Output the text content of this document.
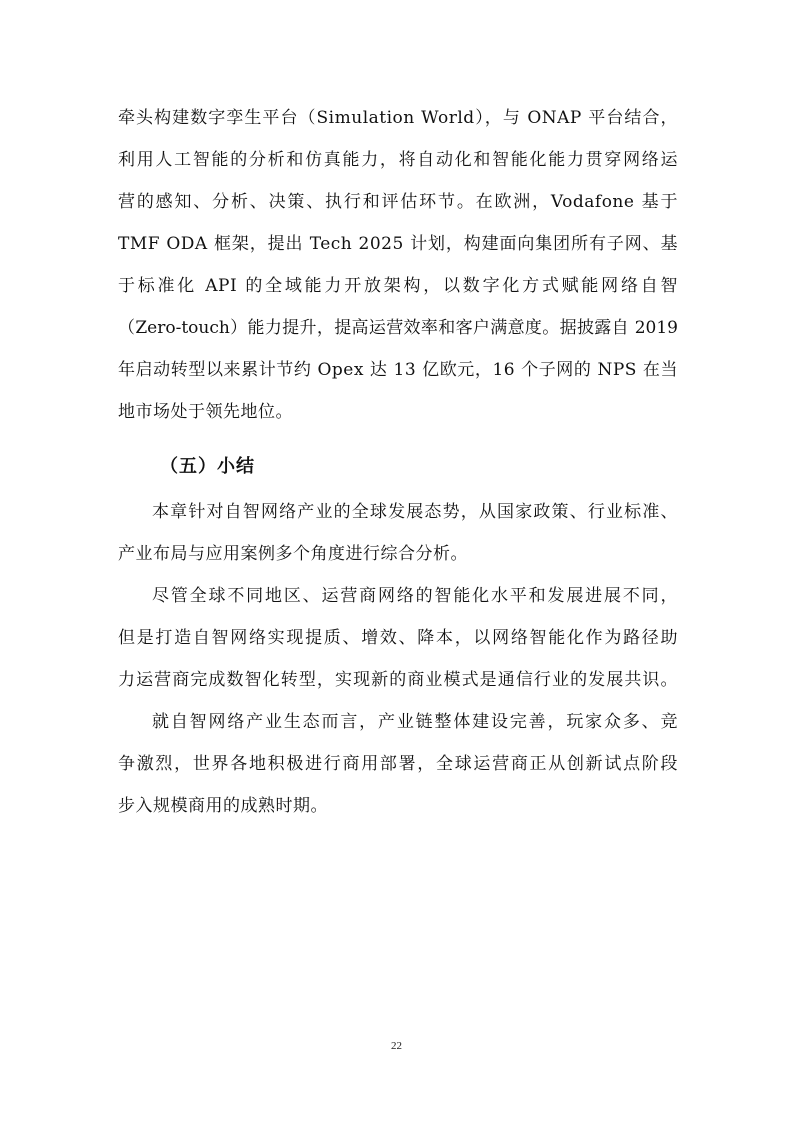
牵头构建数字孪生平台（Simulation World），与 ONAP 平台结合，
利用人工智能的分析和仿真能力，将自动化和智能化能力贯穿网络运
营的感知、分析、决策、执行和评估环节。在欧洲，Vodafone 基于
TMF ODA 框架，提出 Tech 2025 计划，构建面向集团所有子网、基
于标准化 API 的全域能力开放架构，以数字化方式赋能网络自智
（Zero-touch）能力提升，提高运营效率和客户满意度。据披露自 2019
年启动转型以来累计节约 Opex 达 13 亿欧元，16 个子网的 NPS 在当
地市场处于领先地位。
（五）小结
本章针对自智网络产业的全球发展态势，从国家政策、行业标准、
产业布局与应用案例多个角度进行综合分析。
尽管全球不同地区、运营商网络的智能化水平和发展进展不同，
但是打造自智网络实现提质、增效、降本，以网络智能化作为路径助
力运营商完成数智化转型，实现新的商业模式是通信行业的发展共识。
就自智网络产业生态而言，产业链整体建设完善，玩家众多、竞
争激烈，世界各地积极进行商用部署，全球运营商正从创新试点阶段
步入规模商用的成熟时期。
22
